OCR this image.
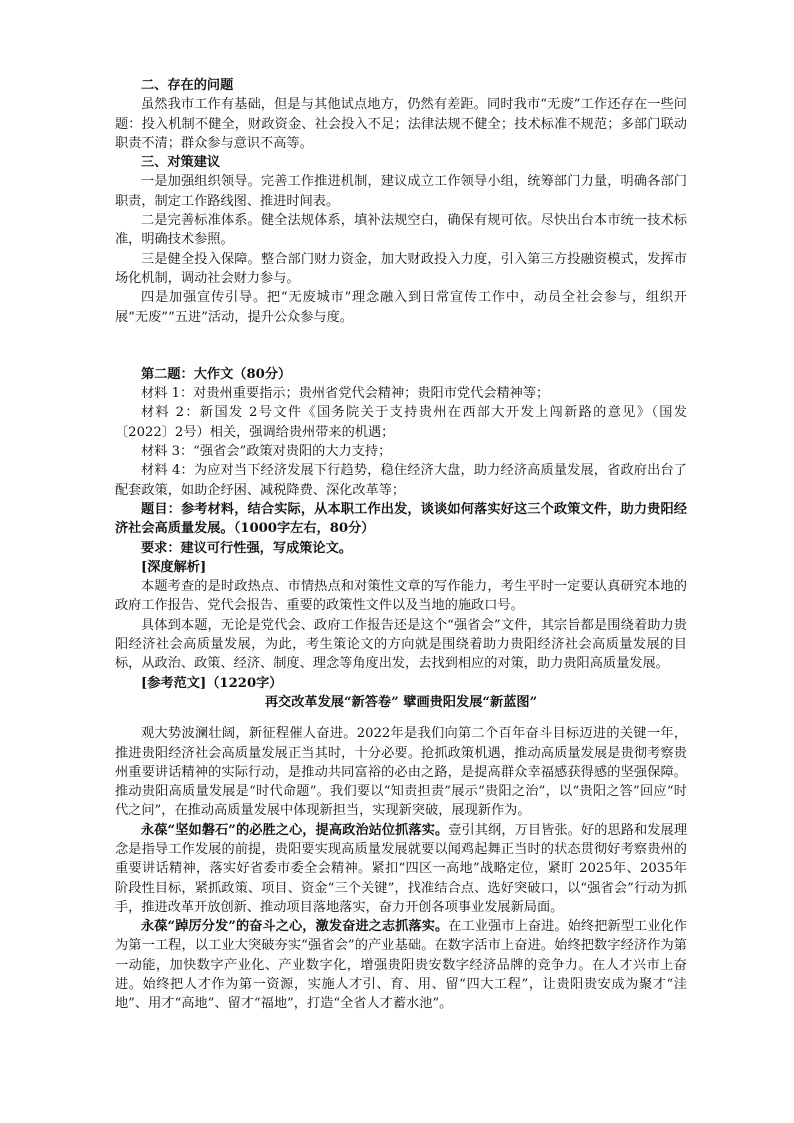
二、存在的问题

虽然我市工作有基础，但是与其他试点地方，仍然有差距。同时我市“无废”工作还存在一些问题：投入机制不健全，财政资金、社会投入不足；法律法规不健全；技术标准不规范；多部门联动职责不清；群众参与意识不高等。

三、对策建议

一是加强组织领导。完善工作推进机制，建议成立工作领导小组，统筹部门力量，明确各部门职责，制定工作路线图、推进时间表。

二是完善标准体系。健全法规体系，填补法规空白，确保有规可依。尽快出台本市统一技术标准，明确技术参照。

三是健全投入保障。整合部门财力资金，加大财政投入力度，引入第三方投融资模式，发挥市场化机制，调动社会财力参与。

四是加强宣传引导。把“无废城市”理念融入到日常宣传工作中，动员全社会参与，组织开展“无废”“五进”活动，提升公众参与度。

第二题：大作文（80分）

材料 1：对贵州重要指示；贵州省党代会精神；贵阳市党代会精神等；

材料 2：新国发 2号文件《国务院关于支持贵州在西部大开发上闯新路的意见》（国发〔2022〕2号）相关，强调给贵州带来的机遇；

材料 3：“强省会”政策对贵阳的大力支持；

材料 4：为应对当下经济发展下行趋势，稳住经济大盘，助力经济高质量发展，省政府出台了配套政策，如助企纾困、减税降费、深化改革等；

题目：参考材料，结合实际，从本职工作出发，谈谈如何落实好这三个政策文件，助力贵阳经济社会高质量发展。（1000字左右，80分）

要求：建议可行性强，写成策论文。

[深度解析]

本题考查的是时政热点、市情热点和对策性文章的写作能力，考生平时一定要认真研究本地的政府工作报告、党代会报告、重要的政策性文件以及当地的施政口号。

具体到本题，无论是党代会、政府工作报告还是这个“强省会”文件，其宗旨都是围绕着助力贵阳经济社会高质量发展，为此，考生策论文的方向就是围绕着助力贵阳经济社会高质量发展的目标，从政治、政策、经济、制度、理念等角度出发，去找到相应的对策，助力贵阳高质量发展。

[参考范文]（1220字）

再交改革发展“新答卷” 擘画贵阳发展“新蓝图”

观大势波澜壮阔，新征程催人奋进。2022年是我们向第二个百年奋斗目标迈进的关键一年，推进贵阳经济社会高质量发展正当其时，十分必要。抢抓政策机遇，推动高质量发展是贵彻考察贵州重要讲话精神的实际行动，是推动共同富裕的必由之路，是提高群众幸福感获得感的坚强保障。推动贵阳高质量发展是“时代命题”。我们要以“知责担责”展示“贵阳之治”，以“贵阳之答”回应“时代之问”，在推动高质量发展中体现新担当，实现新突破，展现新作为。

永葆“坚如磐石”的必胜之心，提高政治站位抓落实。壹引其纲，万目皆张。好的思路和发展理念是指导工作发展的前提，贵阳要实现高质量发展就要以闻鸡起舞正当时的状态贯彻好考察贵州的重要讲话精神，落实好省委市委全会精神。紧扣“四区一高地”战略定位，紧盯 2025年、2035年阶段性目标，紧抓政策、项目、资金“三个关键”，找准结合点、选好突破口，以“强省会”行动为抓手，推进改革开放创新、推动项目落地落实，奋力开创各项事业发展新局面。

永葆“踔厉分发”的奋斗之心，激发奋进之志抓落实。在工业强市上奋进。始终把新型工业化作为第一工程，以工业大突破夯实“强省会”的产业基础。在数字活市上奋进。始终把数字经济作为第一动能，加快数字产业化、产业数字化，增强贵阳贵安数字经济品牌的竞争力。在人才兴市上奋进。始终把人才作为第一资源，实施人才引、育、用、留“四大工程”，让贵阳贵安成为聚才“洼地”、用才“高地”、留才“福地”，打造“全省人才蓄水池”。
